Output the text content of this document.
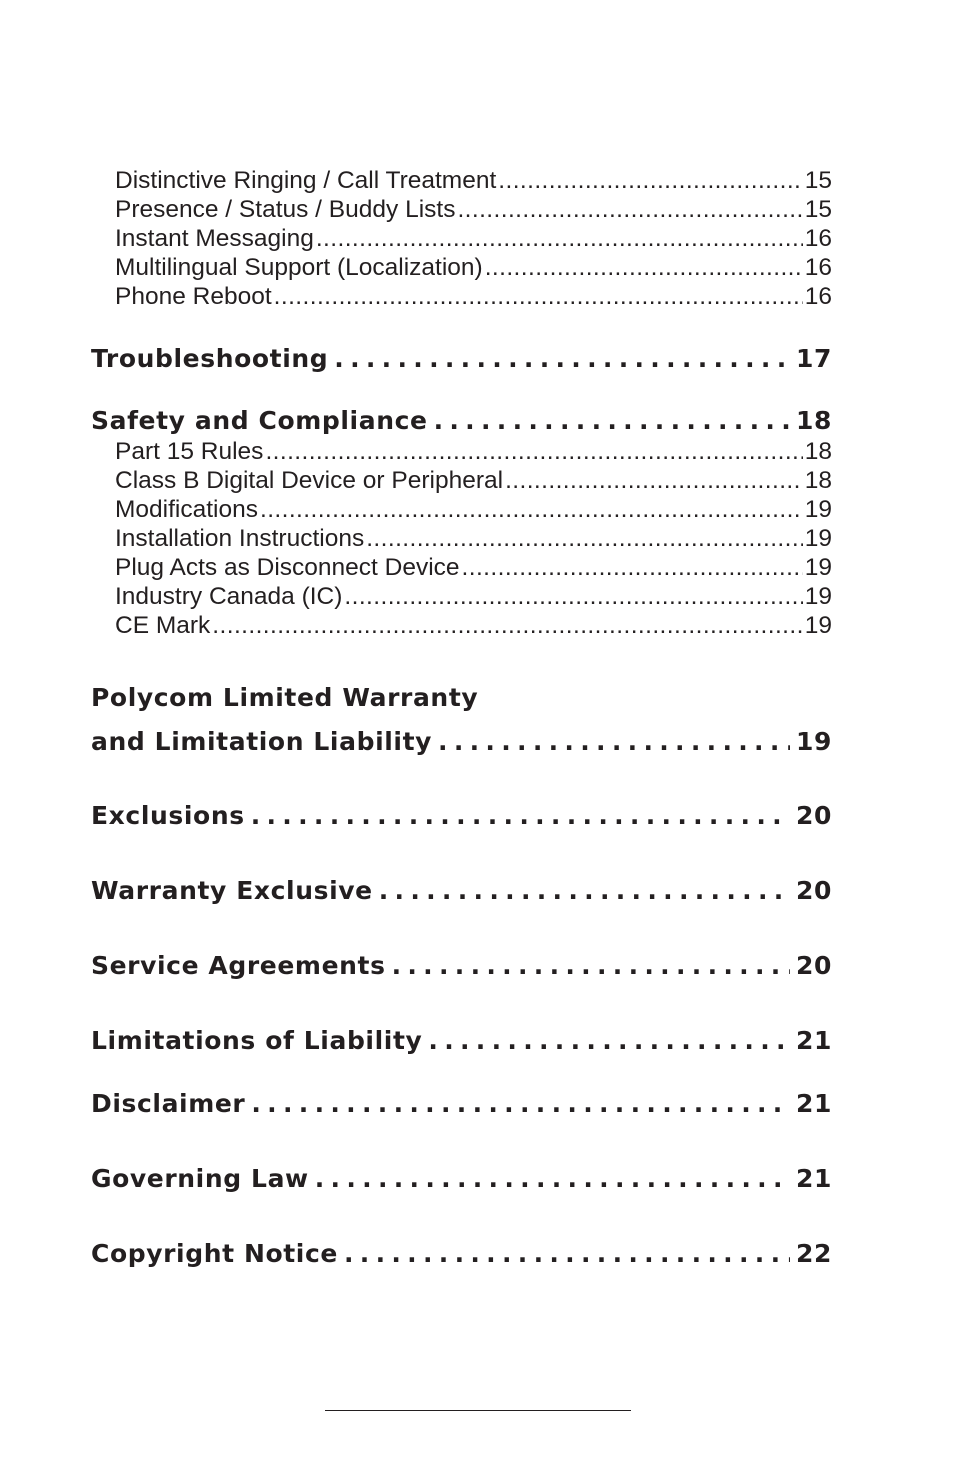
Distinctive Ringing / Call Treatment . . .	15
Presence / Status / Buddy Lists . . .	15
Instant Messaging . . .	16
Multilingual Support (Localization) . . .	16
Phone Reboot . . .	16
Troubleshooting . . .	17
Safety and Compliance . . .	18
Part 15 Rules . . .	18
Class B Digital Device or Peripheral . . .	18
Modifications . . .	19
Installation Instructions . . .	19
Plug Acts as Disconnect Device . . .	19
Industry Canada (IC) . . .	19
CE Mark . . .	19
Polycom Limited Warranty
and Limitation Liability . . .	19
Exclusions . . .	20
Warranty Exclusive . . .	20
Service Agreements . . .	20
Limitations of Liability . . .	21
Disclaimer . . .	21
Governing Law . . .	21
Copyright Notice . . .	22
